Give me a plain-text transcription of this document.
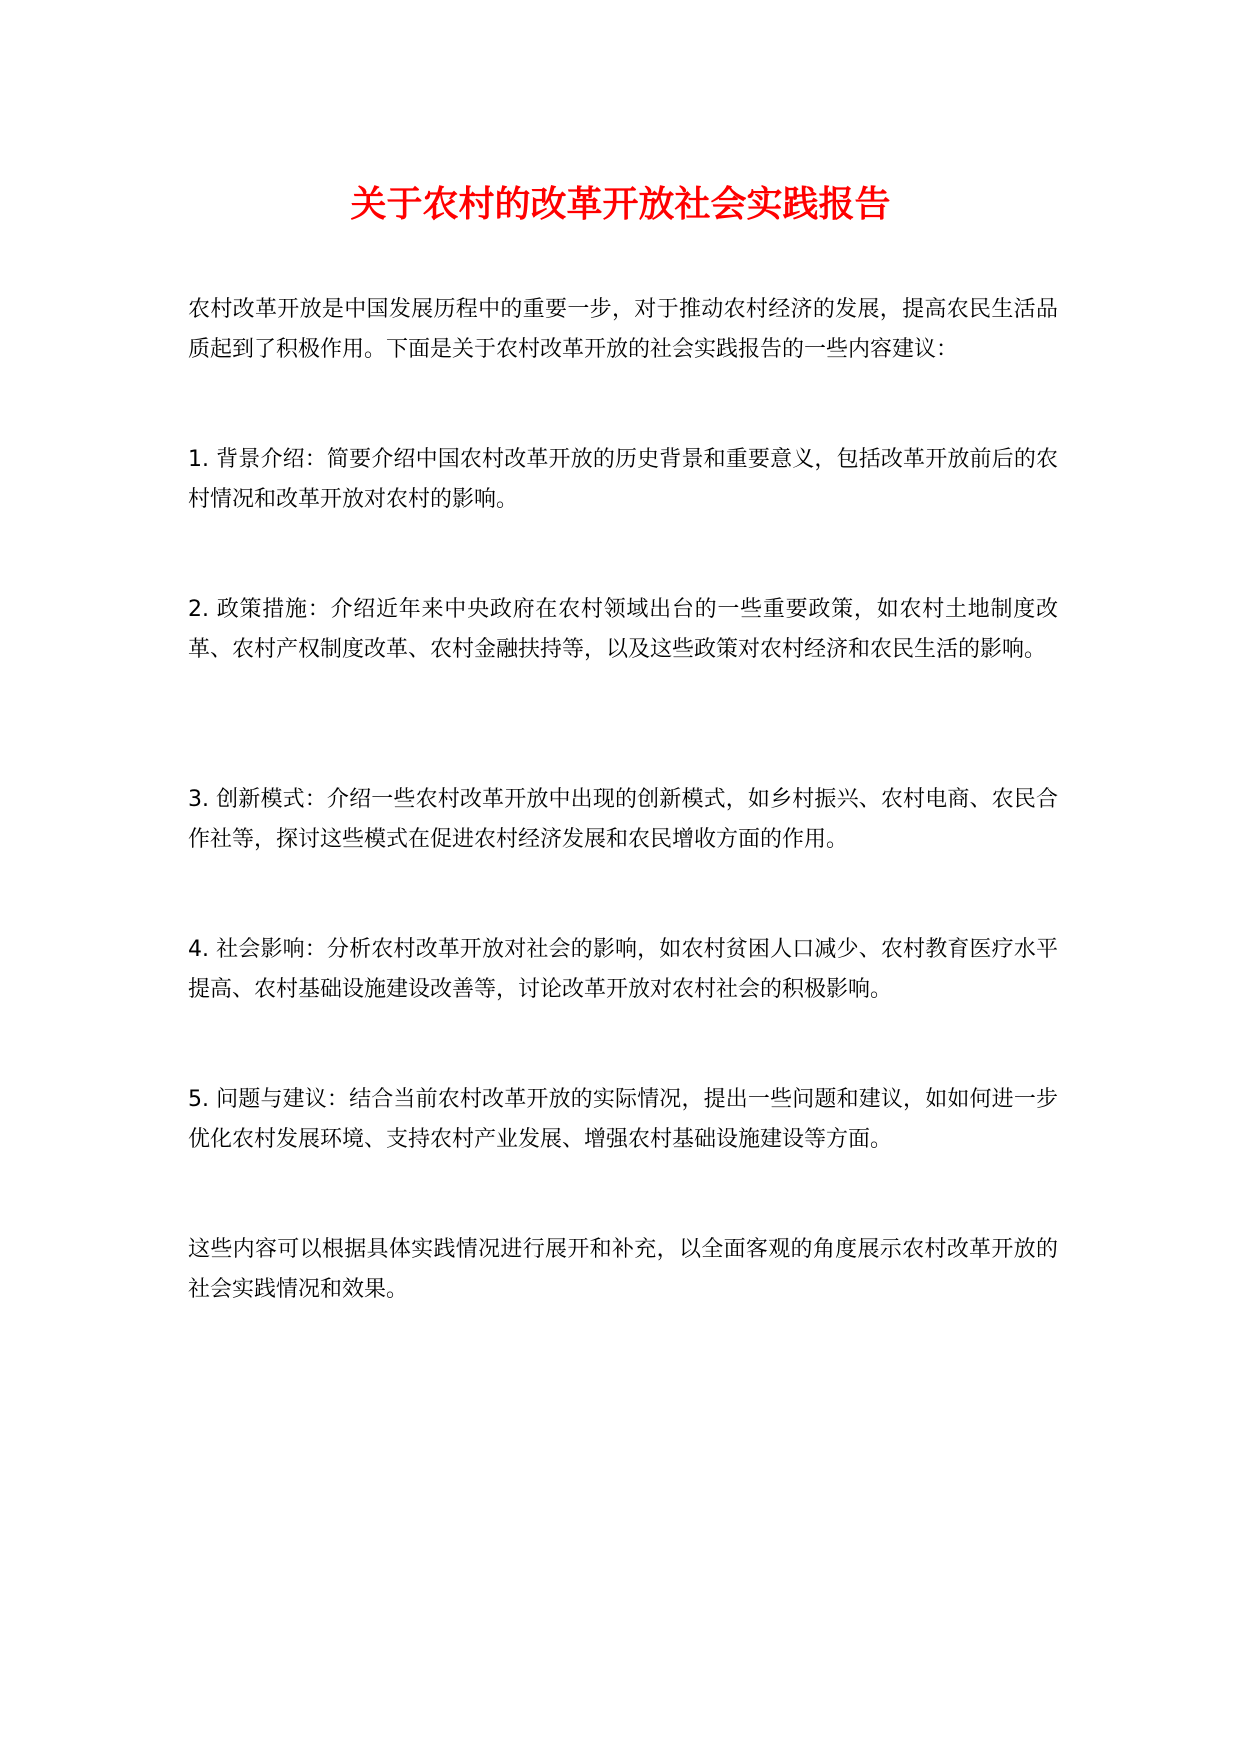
关于农村的改革开放社会实践报告

农村改革开放是中国发展历程中的重要一步，对于推动农村经济的发展，提高农民生活品质起到了积极作用。下面是关于农村改革开放的社会实践报告的一些内容建议：

1. 背景介绍：简要介绍中国农村改革开放的历史背景和重要意义，包括改革开放前后的农村情况和改革开放对农村的影响。

2. 政策措施：介绍近年来中央政府在农村领域出台的一些重要政策，如农村土地制度改革、农村产权制度改革、农村金融扶持等，以及这些政策对农村经济和农民生活的影响。

3. 创新模式：介绍一些农村改革开放中出现的创新模式，如乡村振兴、农村电商、农民合作社等，探讨这些模式在促进农村经济发展和农民增收方面的作用。

4. 社会影响：分析农村改革开放对社会的影响，如农村贫困人口减少、农村教育医疗水平提高、农村基础设施建设改善等，讨论改革开放对农村社会的积极影响。

5. 问题与建议：结合当前农村改革开放的实际情况，提出一些问题和建议，如如何进一步优化农村发展环境、支持农村产业发展、增强农村基础设施建设等方面。

这些内容可以根据具体实践情况进行展开和补充，以全面客观的角度展示农村改革开放的社会实践情况和效果。
